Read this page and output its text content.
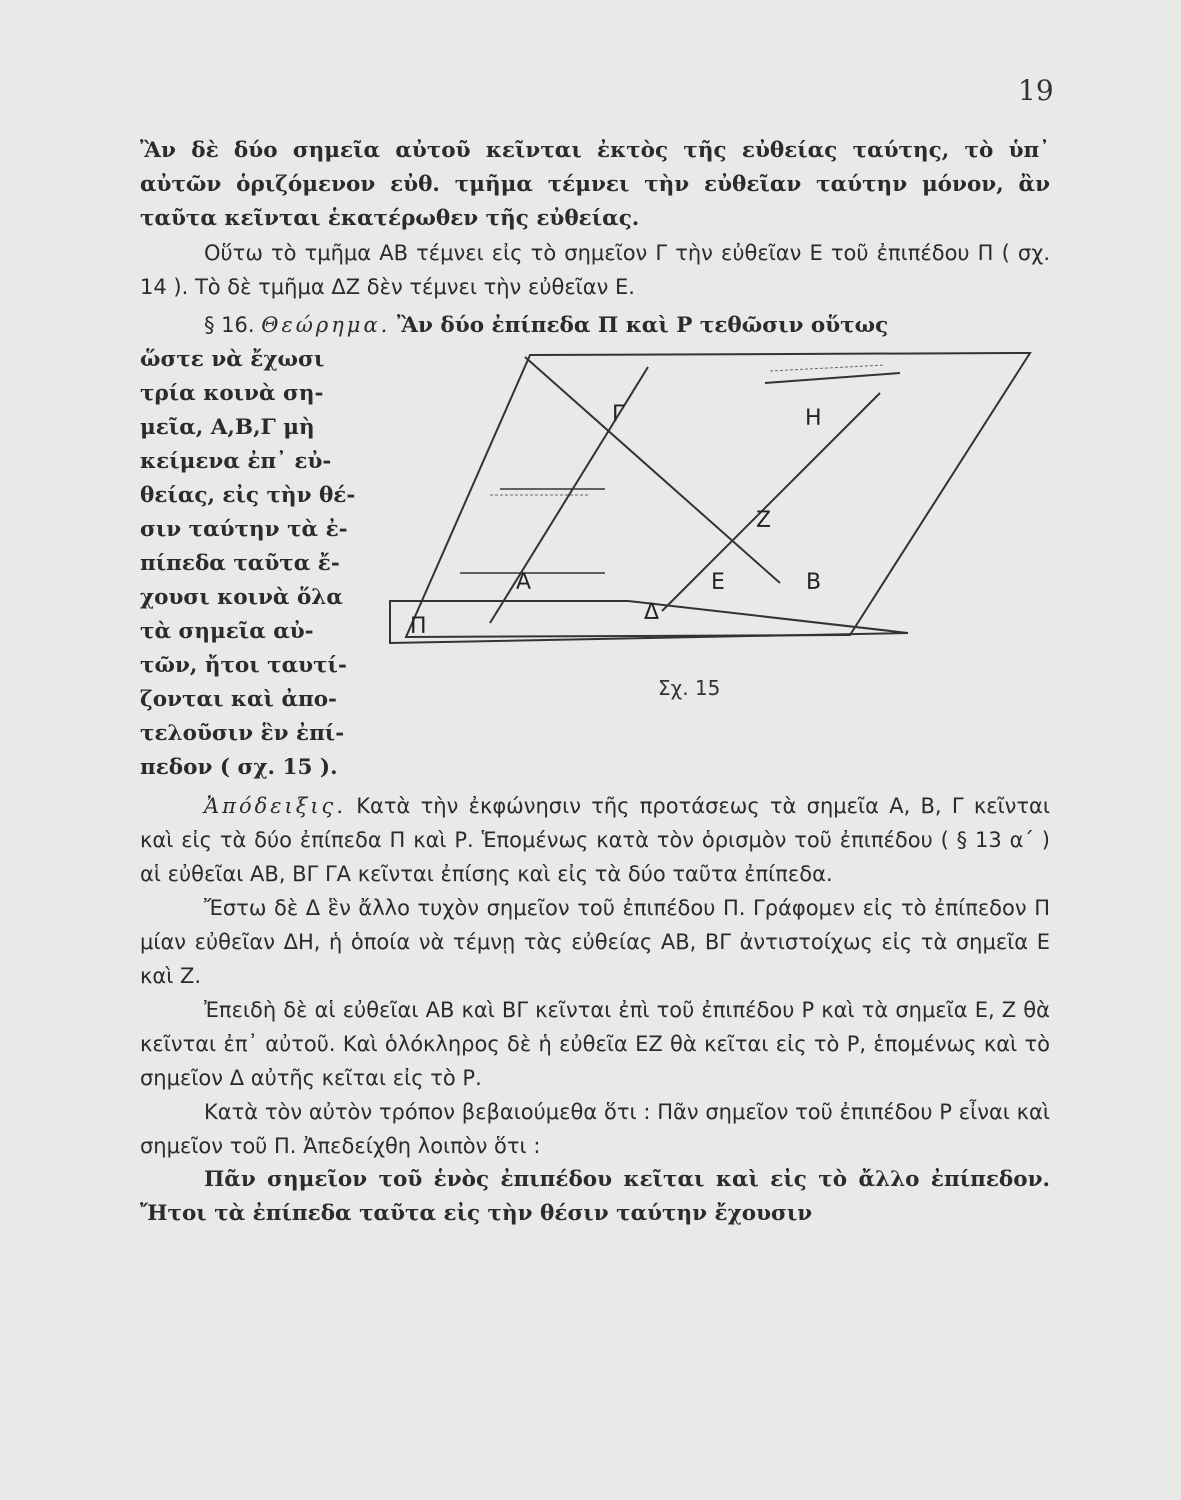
19

Ἂν δὲ δύο σημεῖα αὐτοῦ κεῖνται ἐκτὸς τῆς εὐθείας ταύτης, τὸ ὑπ᾽ αὐτῶν ὁριζόμενον εὐθ. τμῆμα τέμνει τὴν εὐθεῖαν ταύτην μόνον, ἂν ταῦτα κεῖνται ἑκατέρωθεν τῆς εὐθείας.

Οὕτω τὸ τμῆμα ΑΒ τέμνει εἰς τὸ σημεῖον Γ τὴν εὐθεῖαν Ε τοῦ ἐπιπέδου Π ( σχ. 14 ). Τὸ δὲ τμῆμα ΔΖ δὲν τέμνει τὴν εὐθεῖαν Ε.

§ 16. Θεώρημα. Ἂν δύο ἐπίπεδα Π καὶ Ρ τεθῶσιν οὕτως

ὥστε νὰ ἔχωσι
τρία κοινὰ ση-
μεῖα, Α,Β,Γ μὴ
κείμενα ἐπ᾽ εὐ-
θείας, εἰς τὴν θέ-
σιν ταύτην τὰ ἐ-
πίπεδα ταῦτα ἔ-
χουσι κοινὰ ὅλα
τὰ σημεῖα αὐ-
τῶν, ἤτοι ταυτί-
ζονται καὶ ἀπο-
τελοῦσιν ἓν ἐπί-
πεδον ( σχ. 15 ).
Γ	Η
Ζ
Α	Ε	Β
Δ
Π
Σχ. 15

Ἀπόδειξις. Κατὰ τὴν ἐκφώνησιν τῆς προτάσεως τὰ σημεῖα Α, Β, Γ κεῖνται καὶ εἰς τὰ δύο ἐπίπεδα Π καὶ Ρ. Ἑπομένως κατὰ τὸν ὁρισμὸν τοῦ ἐπιπέδου ( § 13 α΄ ) αἱ εὐθεῖαι ΑΒ, ΒΓ ΓΑ κεῖνται ἐπίσης καὶ εἰς τὰ δύο ταῦτα ἐπίπεδα.

Ἔστω δὲ Δ ἓν ἄλλο τυχὸν σημεῖον τοῦ ἐπιπέδου Π. Γράφομεν εἰς τὸ ἐπίπεδον Π μίαν εὐθεῖαν ΔΗ, ἡ ὁποία νὰ τέμνῃ τὰς εὐθείας ΑΒ, ΒΓ ἀντιστοίχως εἰς τὰ σημεῖα Ε καὶ Ζ.

Ἐπειδὴ δὲ αἱ εὐθεῖαι ΑΒ καὶ ΒΓ κεῖνται ἐπὶ τοῦ ἐπιπέδου Ρ καὶ τὰ σημεῖα Ε, Ζ θὰ κεῖνται ἐπ᾽ αὐτοῦ. Καὶ ὁλόκληρος δὲ ἡ εὐθεῖα ΕΖ θὰ κεῖται εἰς τὸ Ρ, ἑπομένως καὶ τὸ σημεῖον Δ αὐτῆς κεῖται εἰς τὸ Ρ.

Κατὰ τὸν αὐτὸν τρόπον βεβαιούμεθα ὅτι : Πᾶν σημεῖον τοῦ ἐπιπέδου Ρ εἶναι καὶ σημεῖον τοῦ Π. Ἀπεδείχθη λοιπὸν ὅτι :

Πᾶν σημεῖον τοῦ ἑνὸς ἐπιπέδου κεῖται καὶ εἰς τὸ ἄλλο ἐπίπεδον. Ἤτοι τὰ ἐπίπεδα ταῦτα εἰς τὴν θέσιν ταύτην ἔχουσιν
